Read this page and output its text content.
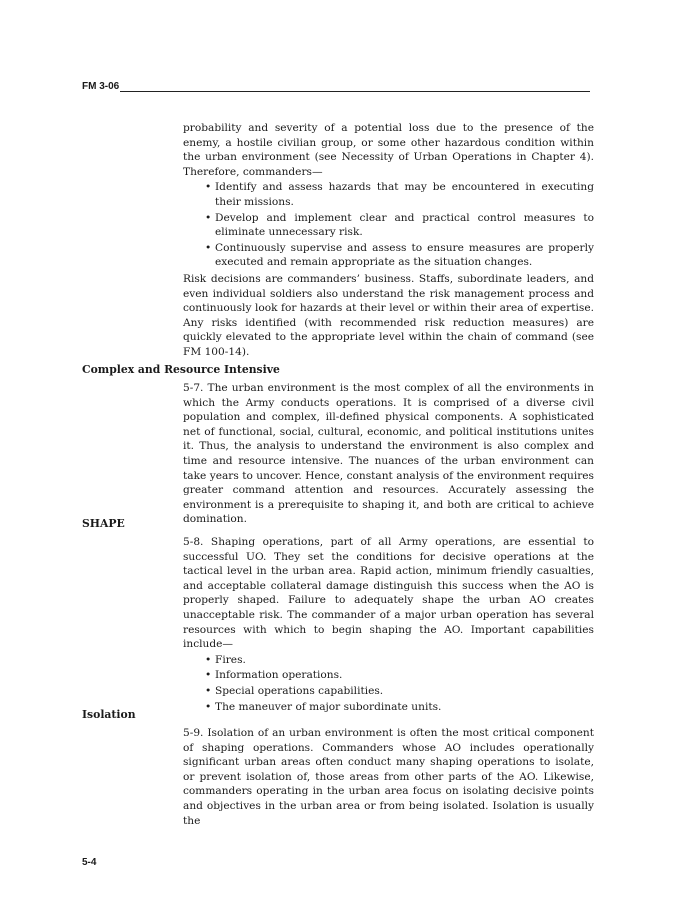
FM 3-06

probability and severity of a potential loss due to the presence of the enemy, a hostile civilian group, or some other hazardous condition within the urban environment (see Necessity of Urban Operations in Chapter 4). Therefore, commanders—

• Identify and assess hazards that may be encountered in executing their missions.
• Develop and implement clear and practical control measures to eliminate unnecessary risk.
• Continuously supervise and assess to ensure measures are properly executed and remain appropriate as the situation changes.

Risk decisions are commanders’ business. Staffs, subordinate leaders, and even individual soldiers also understand the risk management process and continuously look for hazards at their level or within their area of expertise. Any risks identified (with recommended risk reduction measures) are quickly elevated to the appropriate level within the chain of command (see FM 100-14).

Complex and Resource Intensive

5-7. The urban environment is the most complex of all the environments in which the Army conducts operations. It is comprised of a diverse civil population and complex, ill-defined physical components. A sophisticated net of functional, social, cultural, economic, and political institutions unites it. Thus, the analysis to understand the environment is also complex and time and resource intensive. The nuances of the urban environment can take years to uncover. Hence, constant analysis of the environment requires greater command attention and resources. Accurately assessing the environment is a prerequisite to shaping it, and both are critical to achieve domination.

SHAPE

5-8. Shaping operations, part of all Army operations, are essential to successful UO. They set the conditions for decisive operations at the tactical level in the urban area. Rapid action, minimum friendly casualties, and acceptable collateral damage distinguish this success when the AO is properly shaped. Failure to adequately shape the urban AO creates unacceptable risk. The commander of a major urban operation has several resources with which to begin shaping the AO. Important capabilities include—

• Fires.
• Information operations.
• Special operations capabilities.
• The maneuver of major subordinate units.
Isolation

5-9. Isolation of an urban environment is often the most critical component of shaping operations. Commanders whose AO includes operationally significant urban areas often conduct many shaping operations to isolate, or prevent isolation of, those areas from other parts of the AO. Likewise, commanders operating in the urban area focus on isolating decisive points and objectives in the urban area or from being isolated. Isolation is usually the

5-4
